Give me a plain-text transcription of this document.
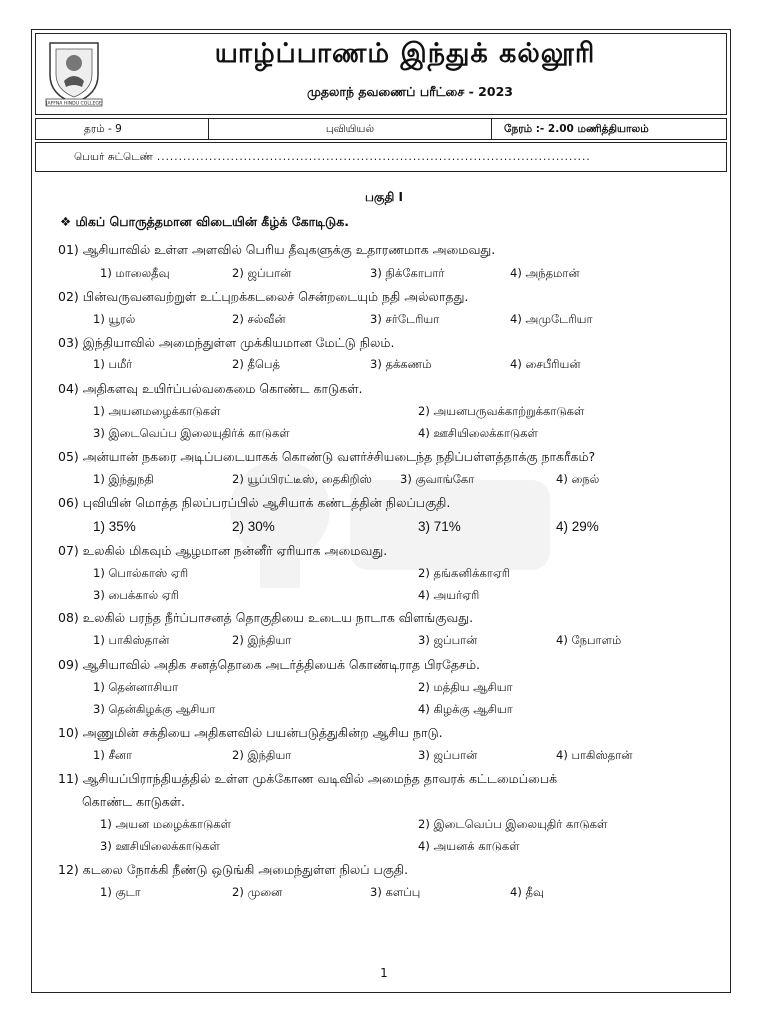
JAFFNA HINDU COLLEGE
யாழ்ப்பாணம் இந்துக் கல்லூரி
முதலாந் தவணைப் பரீட்சை - 2023
தரம் - 9	புவியியல்	நேரம் :- 2.00 மணித்தியாலம்
பெயர் சுட்டெண் ....................................................................................................
பகுதி I
❖ மிகப் பொருத்தமான விடையின் கீழ்க் கோடிடுக.
01) ஆசியாவில் உள்ள அளவில் பெரிய தீவுகளுக்கு உதாரணமாக அமைவது.
1) மாலைதீவு	2) ஜப்பான்	3) நிக்கோபார்	4) அந்தமான்
02) பின்வருவனவற்றுள் உட்புறக்கடலைச் சென்றடையும் நதி அல்லாதது.
1) யூரல்	2) சல்வீன்	3) சர்டேரியா	4) அமுடேரியா
03) இந்தியாவில் அமைந்துள்ள முக்கியமான மேட்டு நிலம்.
1) பமீர்	2) தீபெத்	3) தக்கணம்	4) சைபீரியன்
04) அதிகளவு உயிர்ப்பல்வகைமை கொண்ட காடுகள்.
1) அயனமழைக்காடுகள்	2) அயனபருவக்காற்றுக்காடுகள்
3) இடைவெப்ப இலையுதிர்க் காடுகள்	4) ஊசியிலைக்காடுகள்
05) அன்யான் நகரை அடிப்படையாகக் கொண்டு வளர்ச்சியடைந்த நதிப்பள்ளத்தாக்கு நாகரீகம்?
1) இந்துநதி	2) யூப்பிரட்டீஸ், தைகிறிஸ் 3) குவாங்கோ	4) நைல்
06) புவியின் மொத்த நிலப்பரப்பில் ஆசியாக் கண்டத்தின் நிலப்பகுதி.
1) 35%	2) 30%	3) 71%	4) 29%
07) உலகில் மிகவும் ஆழமான நன்னீர் ஏரியாக அமைவது.
1) பொல்காஸ் ஏரி	2) தங்கனிக்காஏரி
3) பைக்கால் ஏரி	4) அயர்ஏரி
08) உலகில் பரந்த நீர்ப்பாசனத் தொகுதியை உடைய நாடாக விளங்குவது.
1) பாகிஸ்தான்	2) இந்தியா	3) ஜப்பான்	4) நேபாளம்
09) ஆசியாவில் அதிக சனத்தொகை அடர்த்தியைக் கொண்டிராத பிரதேசம்.
1) தென்னாசியா	2) மத்திய ஆசியா
3) தென்கிழக்கு ஆசியா	4) கிழக்கு ஆசியா
10) அணுமின் சக்தியை அதிகளவில் பயன்படுத்துகின்ற ஆசிய நாடு.
1) சீனா	2) இந்தியா	3) ஜப்பான்	4) பாகிஸ்தான்
11) ஆசியப்பிராந்தியத்தில் உள்ள முக்கோண வடிவில் அமைந்த தாவரக் கட்டமைப்பைக்
கொண்ட காடுகள்.
1) அயன மழைக்காடுகள்	2) இடைவெப்ப இலையுதிர் காடுகள்
3) ஊசியிலைக்காடுகள்	4) அயனக் காடுகள்
12) கடலை நோக்கி நீண்டு ஒடுங்கி அமைந்துள்ள நிலப் பகுதி.
1) குடா	2) முனை	3) களப்பு	4) தீவு
1
